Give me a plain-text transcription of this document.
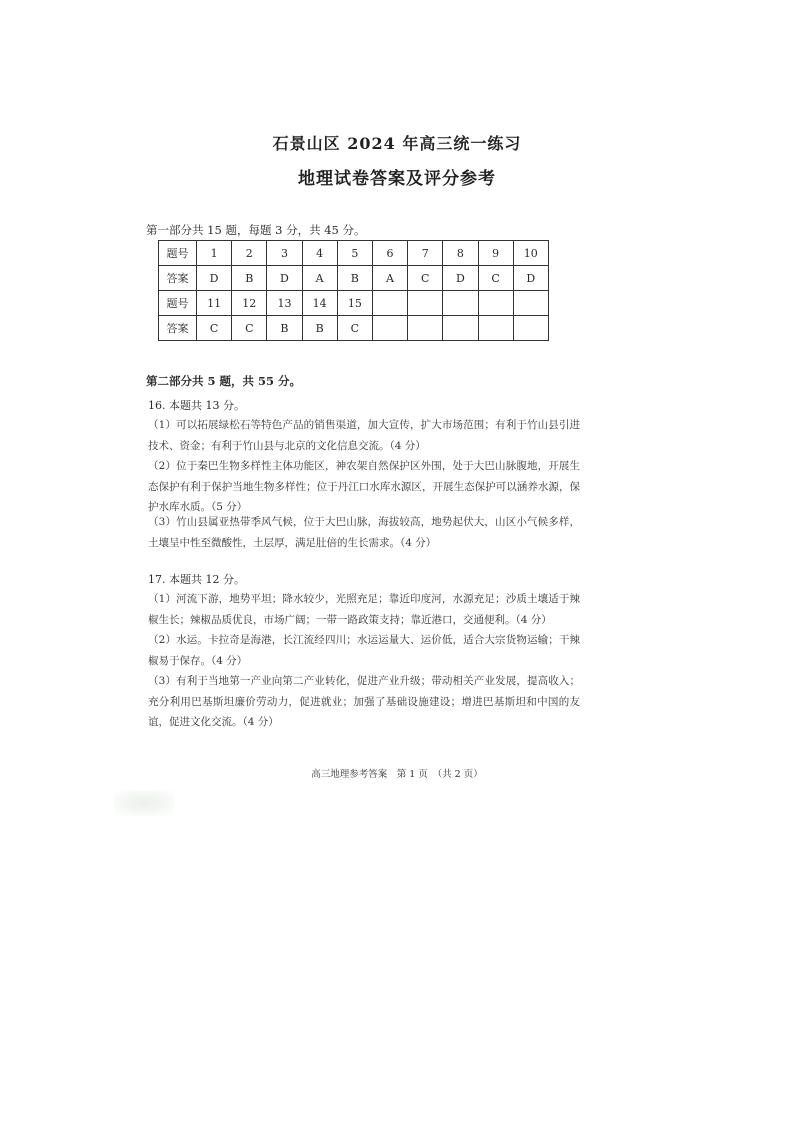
石景山区 2024 年高三统一练习
地理试卷答案及评分参考
第一部分共 15 题，每题 3 分，共 45 分。
题号	1	2	3	4	5	6	7	8	9	10
答案	D	B	D	A	B	A	C	D	C	D
题号	11	12	13	14	15					
答案	C	C	B	B	C					
第二部分共 5 题，共 55 分。
16. 本题共 13 分。
（1）可以拓展绿松石等特色产品的销售渠道，加大宣传，扩大市场范围；有利于竹山县引进技术、资金；有利于竹山县与北京的文化信息交流。（4 分）
（2）位于秦巴生物多样性主体功能区，神农架自然保护区外围，处于大巴山脉腹地，开展生态保护有利于保护当地生物多样性；位于丹江口水库水源区，开展生态保护可以涵养水源，保护水库水质。（5 分）
（3）竹山县属亚热带季风气候，位于大巴山脉，海拔较高，地势起伏大，山区小气候多样，土壤呈中性至微酸性，土层厚，满足肚倍的生长需求。（4 分）
17. 本题共 12 分。
（1）河流下游，地势平坦；降水较少，光照充足；靠近印度河，水源充足；沙质土壤适于辣椒生长；辣椒品质优良，市场广阔；一带一路政策支持；靠近港口，交通便利。（4 分）
（2）水运。卡拉奇是海港，长江流经四川；水运运量大、运价低，适合大宗货物运输；干辣椒易于保存。（4 分）
（3）有利于当地第一产业向第二产业转化，促进产业升级；带动相关产业发展，提高收入；充分利用巴基斯坦廉价劳动力，促进就业；加强了基础设施建设；增进巴基斯坦和中国的友谊，促进文化交流。（4 分）
高三地理参考答案　第 1 页　（共 2 页）
